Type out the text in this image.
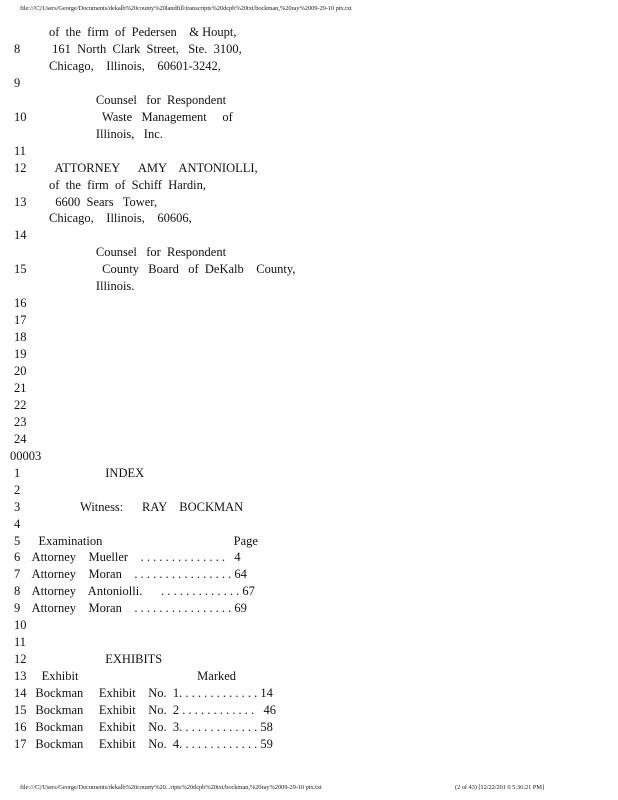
file:///C|/Users/George/Documents/dekalb%20county%20landfill/transcripts%20dcpb%20txt/bockman,%20ray%2009-29-10 ptx.txt
of  the  firm  of  Pedersen    & Houpt,
8 161  North  Clark  Street,   Ste.  3100,
Chicago,    Illinois,    60601-3242,
9
Counsel   for  Respondent
10 Waste   Management     of
Illinois,   Inc.
11
12 ATTORNEY      AMY    ANTONIOLLI,
of  the  firm  of  Schiff  Hardin,
13 6600  Sears   Tower,
Chicago,    Illinois,    60606,
14
Counsel   for  Respondent
15 County   Board   of  DeKalb    County,
Illinois.
16
17
18
19
20
21
22
23
24
00003
1 INDEX
2
3 Witness:      RAY    BOCKMAN
4
5 Examination                                          Page
6 Attorney    Mueller    . . . . . . . . . . . . . .   4
7 Attorney    Moran    . . . . . . . . . . . . . . . . 64
8 Attorney    Antoniolli.      . . . . . . . . . . . . . 67
9 Attorney    Moran    . . . . . . . . . . . . . . . . 69
10
11
12 EXHIBITS
13 Exhibit                                      Marked
14 Bockman     Exhibit    No.  1. . . . . . . . . . . . . 14
15 Bockman     Exhibit    No.  2 . . . . . . . . . . . .   46
16 Bockman     Exhibit    No.  3. . . . . . . . . . . . . 58
17 Bockman     Exhibit    No.  4. . . . . . . . . . . . . 59
file:///C|/Users/George/Documents/dekalb%20county%20...ripts%20dcpb%20txt/bockman,%20ray%2009-29-10 ptx.txt	(2 of 43) [12/22/201 0 5:36:21 PM]
